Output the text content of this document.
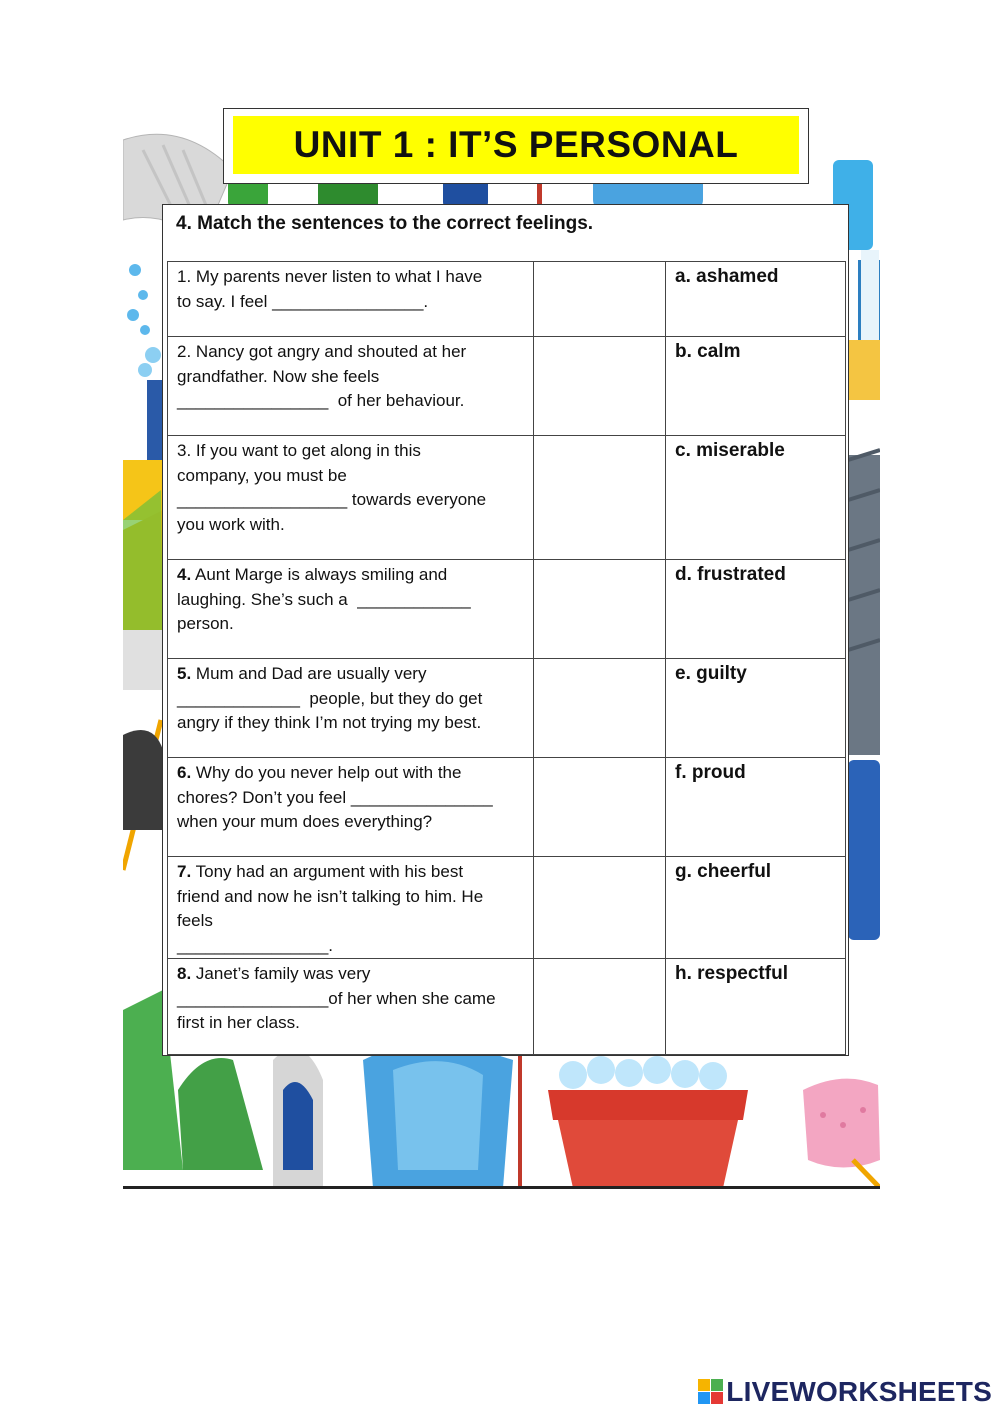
UNIT 1 : IT’S PERSONAL
4. Match the sentences to the correct feelings.
1. My parents never listen to what I have
to say. I feel ________________.		a. ashamed

2. Nancy got angry and shouted at her
grandfather. Now she feels
________________  of her behaviour.		b. calm

3. If you want to get along in this
company, you must be
__________________ towards everyone
you work with.		c. miserable

4. Aunt Marge is always smiling and
laughing. She’s such a  ____________
person.		d. frustrated

5. Mum and Dad are usually very
_____________  people, but they do get
angry if they think I’m not trying my best.		e. guilty

6. Why do you never help out with the
chores? Don’t you feel _______________
when your mum does everything?		f. proud

7. Tony had an argument with his best
friend and now he isn’t talking to him. He
feels
________________.		g. cheerful

8. Janet’s family was very
________________of her when she came
first in her class.		h. respectful
LIVEWORKSHEETS
